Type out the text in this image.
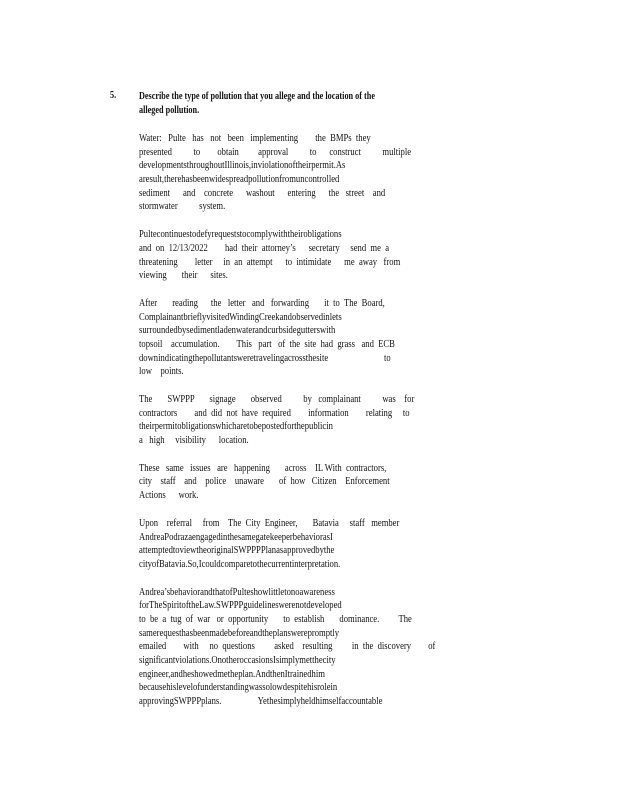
5. Describe the type of pollution that you allege and the location of the
alleged pollution.
Water:   Pulte   has   not   been   implementing        the  BMPs  they
presented          to        obtain         approval          to      construct          multiple
developmentsthroughoutIllinois,inviolationoftheirpermit.As
aresult,therehasbeenwidespreadpollutionfromuncontrolled
sediment      and    concrete      washout      entering      the   street    and
stormwater          system.
Pultecontinuestodefyrequeststocomplywiththeirobligations
and  on  12/13/2022        had  their  attorney’s      secretary     send  me  a
threatening        letter     in  an  attempt      to  intimidate      me  away   from
viewing       their      sites.
After       reading      the   letter   and   forwarding       it  to  The  Board,
ComplainantbrieflyvisitedWindingCreekandobservedinlets
surroundedbysedimentladenwaterandcurbsidegutterswith
topsoil    accumulation.        This   part   of  the  site  had  grass   and  ECB
downindicatingthepollutantsweretravelingacrossthesite                          to
low    points.
The       SWPPP       signage       observed          by   complainant          was    for
contractors        and  did  not  have  required        information        relating     to
theirpermitobligationswhicharetobepostedforthepublicin
a   high     visibility      location.
These   same   issues   are   happening       across    IL With  contractors,
city    staff    and    police    unaware       of  how   Citizen    Enforcement
Actions      work.
Upon    referral     from    The  City  Engineer,       Batavia     staff   member
AndreaPodrazaengagedinthesamegatekeeperbehaviorasI
attemptedtoviewtheoriginalSWPPPPlanasapprovedbythe
cityofBatavia.So,Icouldcomparetothecurrentinterpretation.
Andrea’sbehaviorandthatofPulteshowlittletonoawareness
forTheSpiritoftheLaw.SWPPPguidelineswerenotdeveloped
to  be  a  tug  of  war   or  opportunity       to  establish       dominance.         The
samerequesthasbeenmadebeforeandtheplanswerepromptly
emailed        with     no  questions         asked    resulting         in  the  discovery        of
significantviolations.OnotheroccasionsIsimplymetthecity
engineer,andheshowedmetheplan.AndthenItrainedhim
becausehislevelofunderstandingwassolowdespitehisrolein
approvingSWPPPplans.                 Yethesimplyheldhimselfaccountable
